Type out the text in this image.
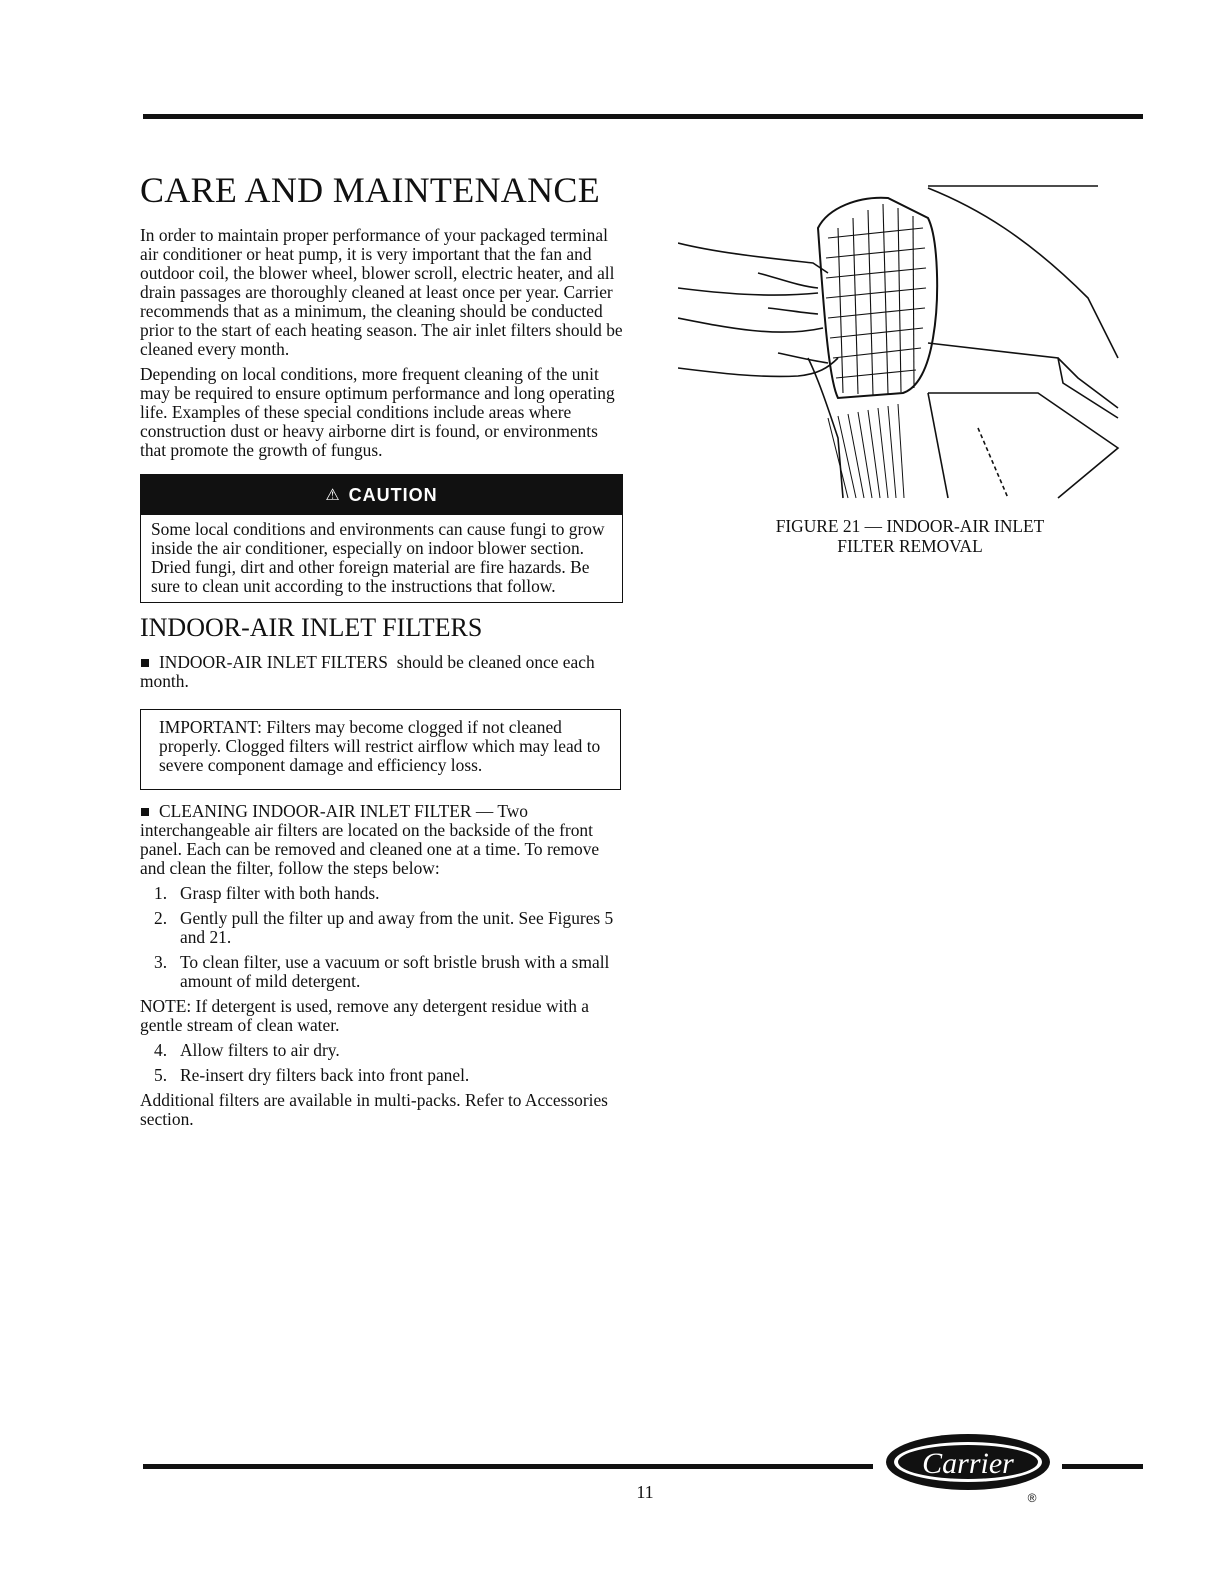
CARE AND MAINTENANCE

In order to maintain proper performance of your packaged terminal air conditioner or heat pump, it is very important that the fan and outdoor coil, the blower wheel, blower scroll, electric heater, and all drain passages are thoroughly cleaned at least once per year. Carrier recommends that as a minimum, the cleaning should be conducted prior to the start of each heating season. The air inlet filters should be cleaned every month.

Depending on local conditions, more frequent cleaning of the unit may be required to ensure optimum performance and long operating life. Examples of these special conditions include areas where construction dust or heavy airborne dirt is found, or environments that promote the growth of fungus.

⚠ CAUTION
Some local conditions and environments can cause fungi to grow inside the air conditioner, especially on indoor blower section. Dried fungi, dirt and other foreign material are fire hazards. Be sure to clean unit according to the instructions that follow.
INDOOR-AIR INLET FILTERS

INDOOR-AIR INLET FILTERS should be cleaned once each month.

IMPORTANT: Filters may become clogged if not cleaned properly. Clogged filters will restrict airflow which may lead to severe component damage and efficiency loss.

CLEANING INDOOR-AIR INLET FILTER — Two interchangeable air filters are located on the backside of the front panel. Each can be removed and cleaned one at a time. To remove and clean the filter, follow the steps below:

1. Grasp filter with both hands.
2. Gently pull the filter up and away from the unit. See Figures 5 and 21.
3. To clean filter, use a vacuum or soft bristle brush with a small amount of mild detergent.

NOTE: If detergent is used, remove any detergent residue with a gentle stream of clean water.

4. Allow filters to air dry.
5. Re-insert dry filters back into front panel.

Additional filters are available in multi-packs. Refer to Accessories section.

FIGURE 21 — INDOOR-AIR INLET
FILTER REMOVAL
11
Carrier
®
